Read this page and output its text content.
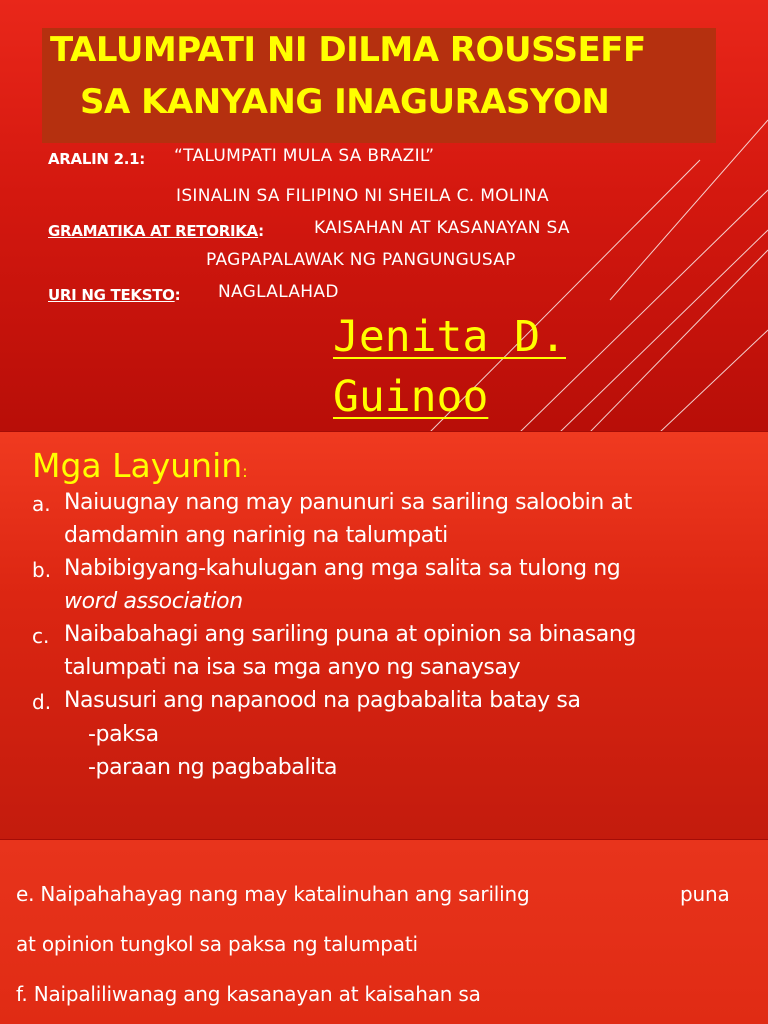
TALUMPATI NI DILMA ROUSSEFF
SA KANYANG INAGURASYON
ARALIN 2.1: “TALUMPATI MULA SA BRAZIL”
ISINALIN SA FILIPINO NI SHEILA C. MOLINA
GRAMATIKA AT RETORIKA:	KAISAHAN AT KASANAYAN SA
PAGPAPALAWAK NG PANGUNGUSAP
URI NG TEKSTO: NAGLALAHAD
Jenita D.
Guinoo
Mga Layunin:
a. Naiuugnay nang may panunuri sa sariling saloobin at
damdamin ang narinig na talumpati
b. Nabibigyang-kahulugan ang mga salita sa tulong ng
word association
c. Naibabahagi ang sariling puna at opinion sa binasang
talumpati na isa sa mga anyo ng sanaysay
d. Nasusuri ang napanood na pagbabalita batay sa
-paksa
-paraan ng pagbabalita
e. Naipahahayag nang may katalinuhan ang sariling	puna
at opinion tungkol sa paksa ng talumpati
f. Naipaliliwanag ang kasanayan at kaisahan sa
